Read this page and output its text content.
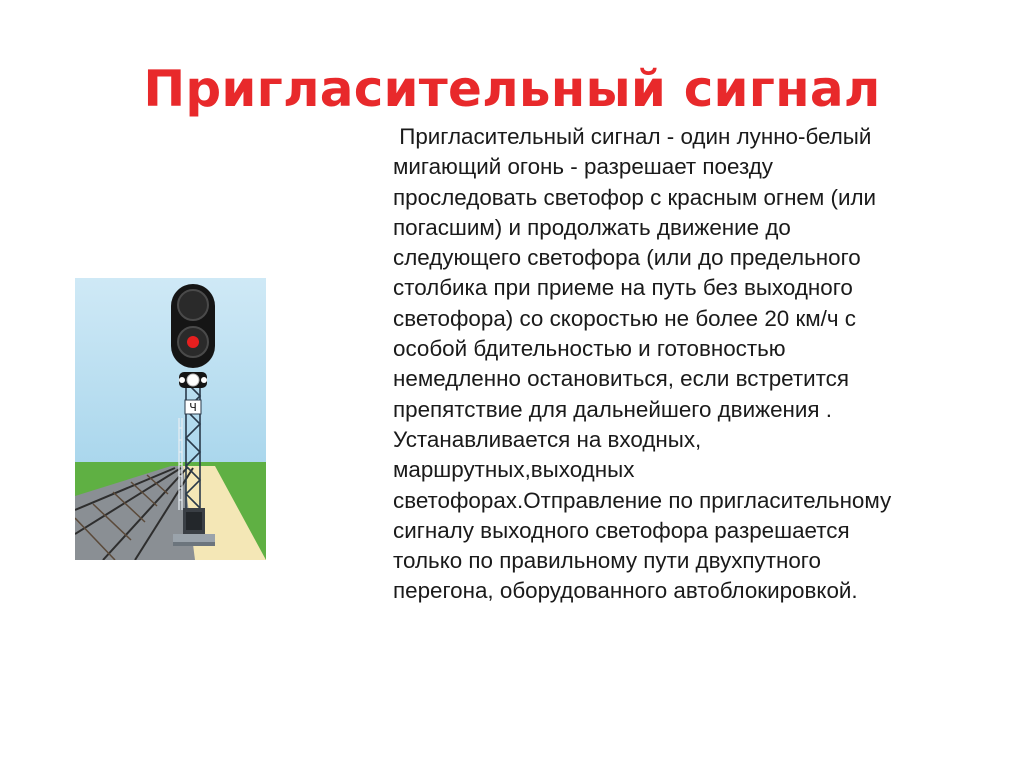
Пригласительный сигнал
Пригласительный сигнал - один лунно-белый
мигающий огонь - разрешает поезду
проследовать светофор с красным огнем (или
погасшим) и продолжать движение до
следующего светофора (или до предельного
столбика при приеме на путь без выходного
светофора) со скоростью не более 20 км/ч с
особой бдительностью и готовностью
немедленно остановиться, если встретится
препятствие для дальнейшего движения .
Устанавливается на входных,
маршрутных,выходных
светофорах.Отправление по пригласительному
сигналу выходного светофора разрешается
только по правильному пути двухпутного
перегона, оборудованного автоблокировкой.
Ч
